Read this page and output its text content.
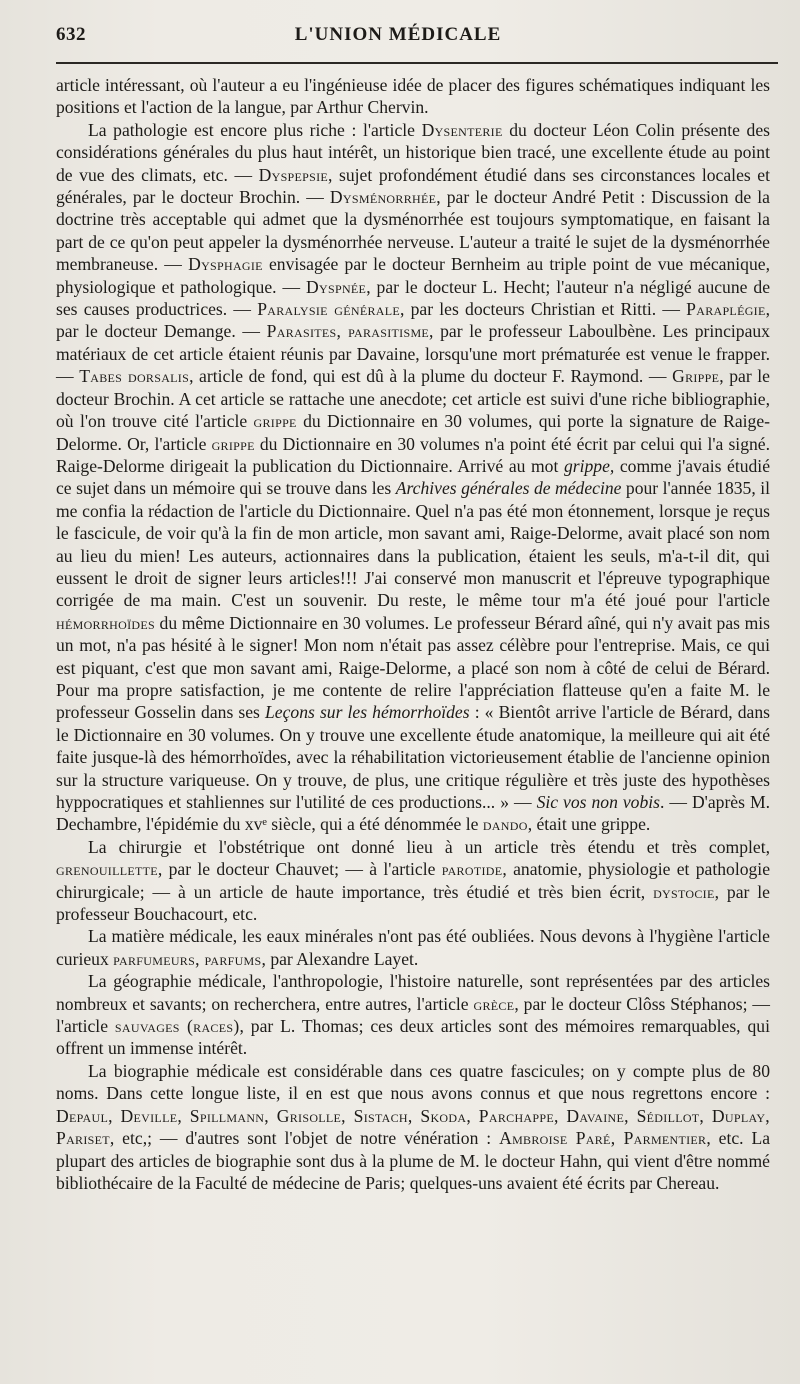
632	L'UNION MÉDICALE

article intéressant, où l'auteur a eu l'ingénieuse idée de placer des figures schématiques indiquant les positions et l'action de la langue, par Arthur Chervin.

La pathologie est encore plus riche : l'article Dysenterie du docteur Léon Colin présente des considérations générales du plus haut intérêt, un historique bien tracé, une excellente étude au point de vue des climats, etc. — Dyspepsie, sujet profondément étudié dans ses circonstances locales et générales, par le docteur Brochin. — Dysménorrhée, par le docteur André Petit : Discussion de la doctrine très acceptable qui admet que la dysménorrhée est toujours symptomatique, en faisant la part de ce qu'on peut appeler la dysménorrhée nerveuse. L'auteur a traité le sujet de la dysménorrhée membraneuse. — Dysphagie envisagée par le docteur Bernheim au triple point de vue mécanique, physiologique et pathologique. — Dyspnée, par le docteur L. Hecht; l'auteur n'a négligé aucune de ses causes productrices. — Paralysie générale, par les docteurs Christian et Ritti. — Paraplégie, par le docteur Demange. — Parasites, parasitisme, par le professeur Laboulbène. Les principaux matériaux de cet article étaient réunis par Davaine, lorsqu'une mort prématurée est venue le frapper. — Tabes dorsalis, article de fond, qui est dû à la plume du docteur F. Raymond. — Grippe, par le docteur Brochin. A cet article se rattache une anecdote; cet article est suivi d'une riche bibliographie, où l'on trouve cité l'article grippe du Dictionnaire en 30 volumes, qui porte la signature de Raige-Delorme. Or, l'article grippe du Dictionnaire en 30 volumes n'a point été écrit par celui qui l'a signé. Raige-Delorme dirigeait la publication du Dictionnaire. Arrivé au mot grippe, comme j'avais étudié ce sujet dans un mémoire qui se trouve dans les Archives générales de médecine pour l'année 1835, il me confia la rédaction de l'article du Dictionnaire. Quel n'a pas été mon étonnement, lorsque je reçus le fascicule, de voir qu'à la fin de mon article, mon savant ami, Raige-Delorme, avait placé son nom au lieu du mien! Les auteurs, actionnaires dans la publication, étaient les seuls, m'a-t-il dit, qui eussent le droit de signer leurs articles!!! J'ai conservé mon manuscrit et l'épreuve typographique corrigée de ma main. C'est un souvenir. Du reste, le même tour m'a été joué pour l'article hémorrhoïdes du même Dictionnaire en 30 volumes. Le professeur Bérard aîné, qui n'y avait pas mis un mot, n'a pas hésité à le signer! Mon nom n'était pas assez célèbre pour l'entreprise. Mais, ce qui est piquant, c'est que mon savant ami, Raige-Delorme, a placé son nom à côté de celui de Bérard. Pour ma propre satisfaction, je me contente de relire l'appréciation flatteuse qu'en a faite M. le professeur Gosselin dans ses Leçons sur les hémorrhoïdes : « Bientôt arrive l'article de Bérard, dans le Dictionnaire en 30 volumes. On y trouve une excellente étude anatomique, la meilleure qui ait été faite jusque-là des hémorrhoïdes, avec la réhabilitation victorieusement établie de l'ancienne opinion sur la structure variqueuse. On y trouve, de plus, une critique régulière et très juste des hypothèses hyppocratiques et stahliennes sur l'utilité de ces productions... » — Sic vos non vobis. — D'après M. Dechambre, l'épidémie du xvᵉ siècle, qui a été dénommée le dando, était une grippe.

La chirurgie et l'obstétrique ont donné lieu à un article très étendu et très complet, grenouillette, par le docteur Chauvet; — à l'article parotide, anatomie, physiologie et pathologie chirurgicale; — à un article de haute importance, très étudié et très bien écrit, dystocie, par le professeur Bouchacourt, etc.

La matière médicale, les eaux minérales n'ont pas été oubliées. Nous devons à l'hygiène l'article curieux parfumeurs, parfums, par Alexandre Layet.

La géographie médicale, l'anthropologie, l'histoire naturelle, sont représentées par des articles nombreux et savants; on recherchera, entre autres, l'article grèce, par le docteur Clôss Stéphanos; — l'article sauvages (races), par L. Thomas; ces deux articles sont des mémoires remarquables, qui offrent un immense intérêt.

La biographie médicale est considérable dans ces quatre fascicules; on y compte plus de 80 noms. Dans cette longue liste, il en est que nous avons connus et que nous regrettons encore : Depaul, Deville, Spillmann, Grisolle, Sistach, Skoda, Parchappe, Davaine, Sédillot, Duplay, Pariset, etc,; — d'autres sont l'objet de notre vénération : Ambroise Paré, Parmentier, etc. La plupart des articles de biographie sont dus à la plume de M. le docteur Hahn, qui vient d'être nommé bibliothécaire de la Faculté de médecine de Paris; quelques-uns avaient été écrits par Chereau.
